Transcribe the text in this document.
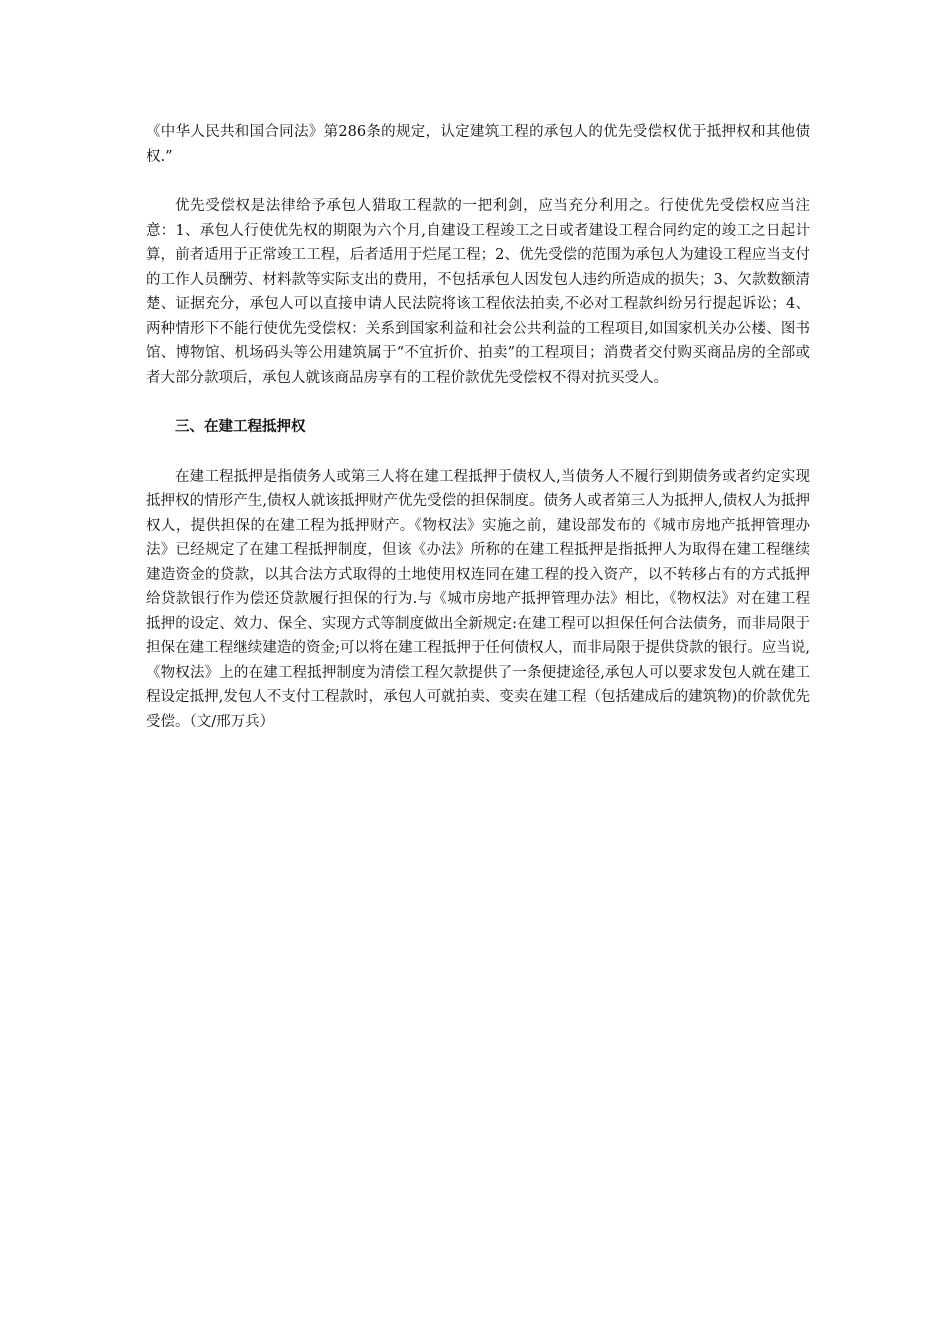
《中华人民共和国合同法》第286条的规定，认定建筑工程的承包人的优先受偿权优于抵押权和其他债权.”

优先受偿权是法律给予承包人猎取工程款的一把利剑，应当充分利用之。行使优先受偿权应当注意：1、承包人行使优先权的期限为六个月,自建设工程竣工之日或者建设工程合同约定的竣工之日起计算，前者适用于正常竣工工程，后者适用于烂尾工程；2、优先受偿的范围为承包人为建设工程应当支付的工作人员酬劳、材料款等实际支出的费用，不包括承包人因发包人违约所造成的损失；3、欠款数额清楚、证据充分，承包人可以直接申请人民法院将该工程依法拍卖,不必对工程款纠纷另行提起诉讼；4、两种情形下不能行使优先受偿权：关系到国家利益和社会公共利益的工程项目,如国家机关办公楼、图书馆、博物馆、机场码头等公用建筑属于“不宜折价、拍卖”的工程项目；消费者交付购买商品房的全部或者大部分款项后，承包人就该商品房享有的工程价款优先受偿权不得对抗买受人。

三、在建工程抵押权

在建工程抵押是指债务人或第三人将在建工程抵押于债权人,当债务人不履行到期债务或者约定实现抵押权的情形产生,债权人就该抵押财产优先受偿的担保制度。债务人或者第三人为抵押人,债权人为抵押权人，提供担保的在建工程为抵押财产。《物权法》实施之前，建设部发布的《城市房地产抵押管理办法》已经规定了在建工程抵押制度，但该《办法》所称的在建工程抵押是指抵押人为取得在建工程继续建造资金的贷款，以其合法方式取得的土地使用权连同在建工程的投入资产，以不转移占有的方式抵押给贷款银行作为偿还贷款履行担保的行为.与《城市房地产抵押管理办法》相比，《物权法》对在建工程抵押的设定、效力、保全、实现方式等制度做出全新规定:在建工程可以担保任何合法债务，而非局限于担保在建工程继续建造的资金;可以将在建工程抵押于任何债权人，而非局限于提供贷款的银行。应当说,《物权法》上的在建工程抵押制度为清偿工程欠款提供了一条便捷途径,承包人可以要求发包人就在建工程设定抵押,发包人不支付工程款时，承包人可就拍卖、变卖在建工程（包括建成后的建筑物)的价款优先受偿。（文/邢万兵）
